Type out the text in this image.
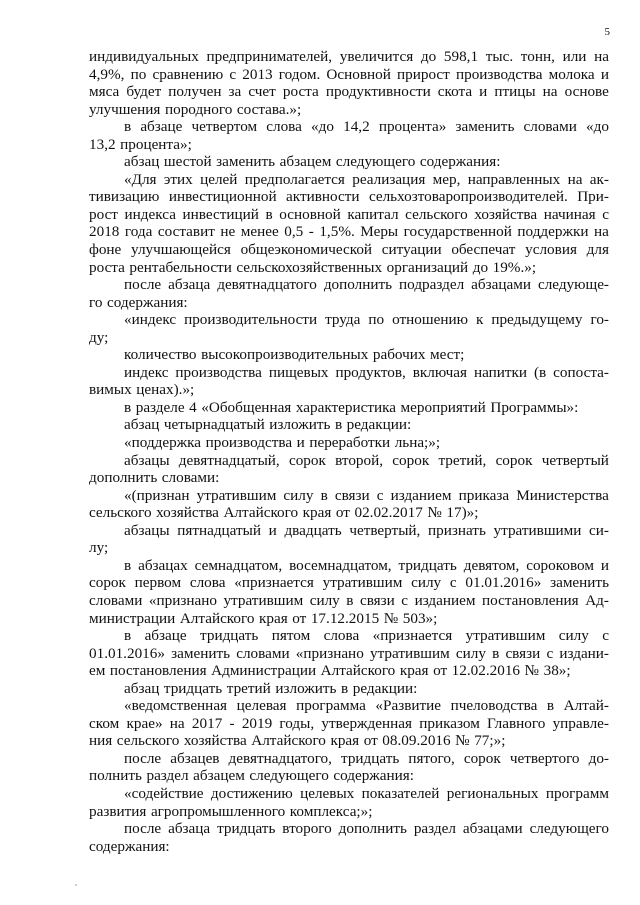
5
индивидуальных предпринимателей, увеличится до 598,1 тыс. тонн, или на
4,9%, по сравнению с 2013 годом. Основной прирост производства молока и
мяса будет получен за счет роста продуктивности скота и птицы на основе
улучшения породного состава.»;
в абзаце четвертом слова «до 14,2 процента» заменить словами «до
13,2 процента»;
абзац шестой заменить абзацем следующего содержания:
«Для этих целей предполагается реализация мер, направленных на ак-
тивизацию инвестиционной активности сельхозтоваропроизводителей. При-
рост индекса инвестиций в основной капитал сельского хозяйства начиная с
2018 года составит не менее 0,5 - 1,5%. Меры государственной поддержки на
фоне улучшающейся общеэкономической ситуации обеспечат условия для
роста рентабельности сельскохозяйственных организаций до 19%.»;
после абзаца девятнадцатого дополнить подраздел абзацами следующе-
го содержания:
«индекс производительности труда по отношению к предыдущему го-
ду;
количество высокопроизводительных рабочих мест;
индекс производства пищевых продуктов, включая напитки (в сопоста-
вимых ценах).»;
в разделе 4 «Обобщенная характеристика мероприятий Программы»:
абзац четырнадцатый изложить в редакции:
«поддержка производства и переработки льна;»;
абзацы девятнадцатый, сорок второй, сорок третий, сорок четвертый
дополнить словами:
«(признан утратившим силу в связи с изданием приказа Министерства
сельского хозяйства Алтайского края от 02.02.2017 № 17)»;
абзацы пятнадцатый и двадцать четвертый, признать утратившими си-
лу;
в абзацах семнадцатом, восемнадцатом, тридцать девятом, сороковом и
сорок первом слова «признается утратившим силу с 01.01.2016» заменить
словами «признано утратившим силу в связи с изданием постановления Ад-
министрации Алтайского края от 17.12.2015 № 503»;
в абзаце тридцать пятом слова «признается утратившим силу с
01.01.2016» заменить словами «признано утратившим силу в связи с издани-
ем постановления Администрации Алтайского края от 12.02.2016 № 38»;
абзац тридцать третий изложить в редакции:
«ведомственная целевая программа «Развитие пчеловодства в Алтай-
ском крае» на 2017 - 2019 годы, утвержденная приказом Главного управле-
ния сельского хозяйства Алтайского края от 08.09.2016 № 77;»;
после абзацев девятнадцатого, тридцать пятого, сорок четвертого до-
полнить раздел абзацем следующего содержания:
«содействие достижению целевых показателей региональных программ
развития агропромышленного комплекса;»;
после абзаца тридцать второго дополнить раздел абзацами следующего
содержания:
